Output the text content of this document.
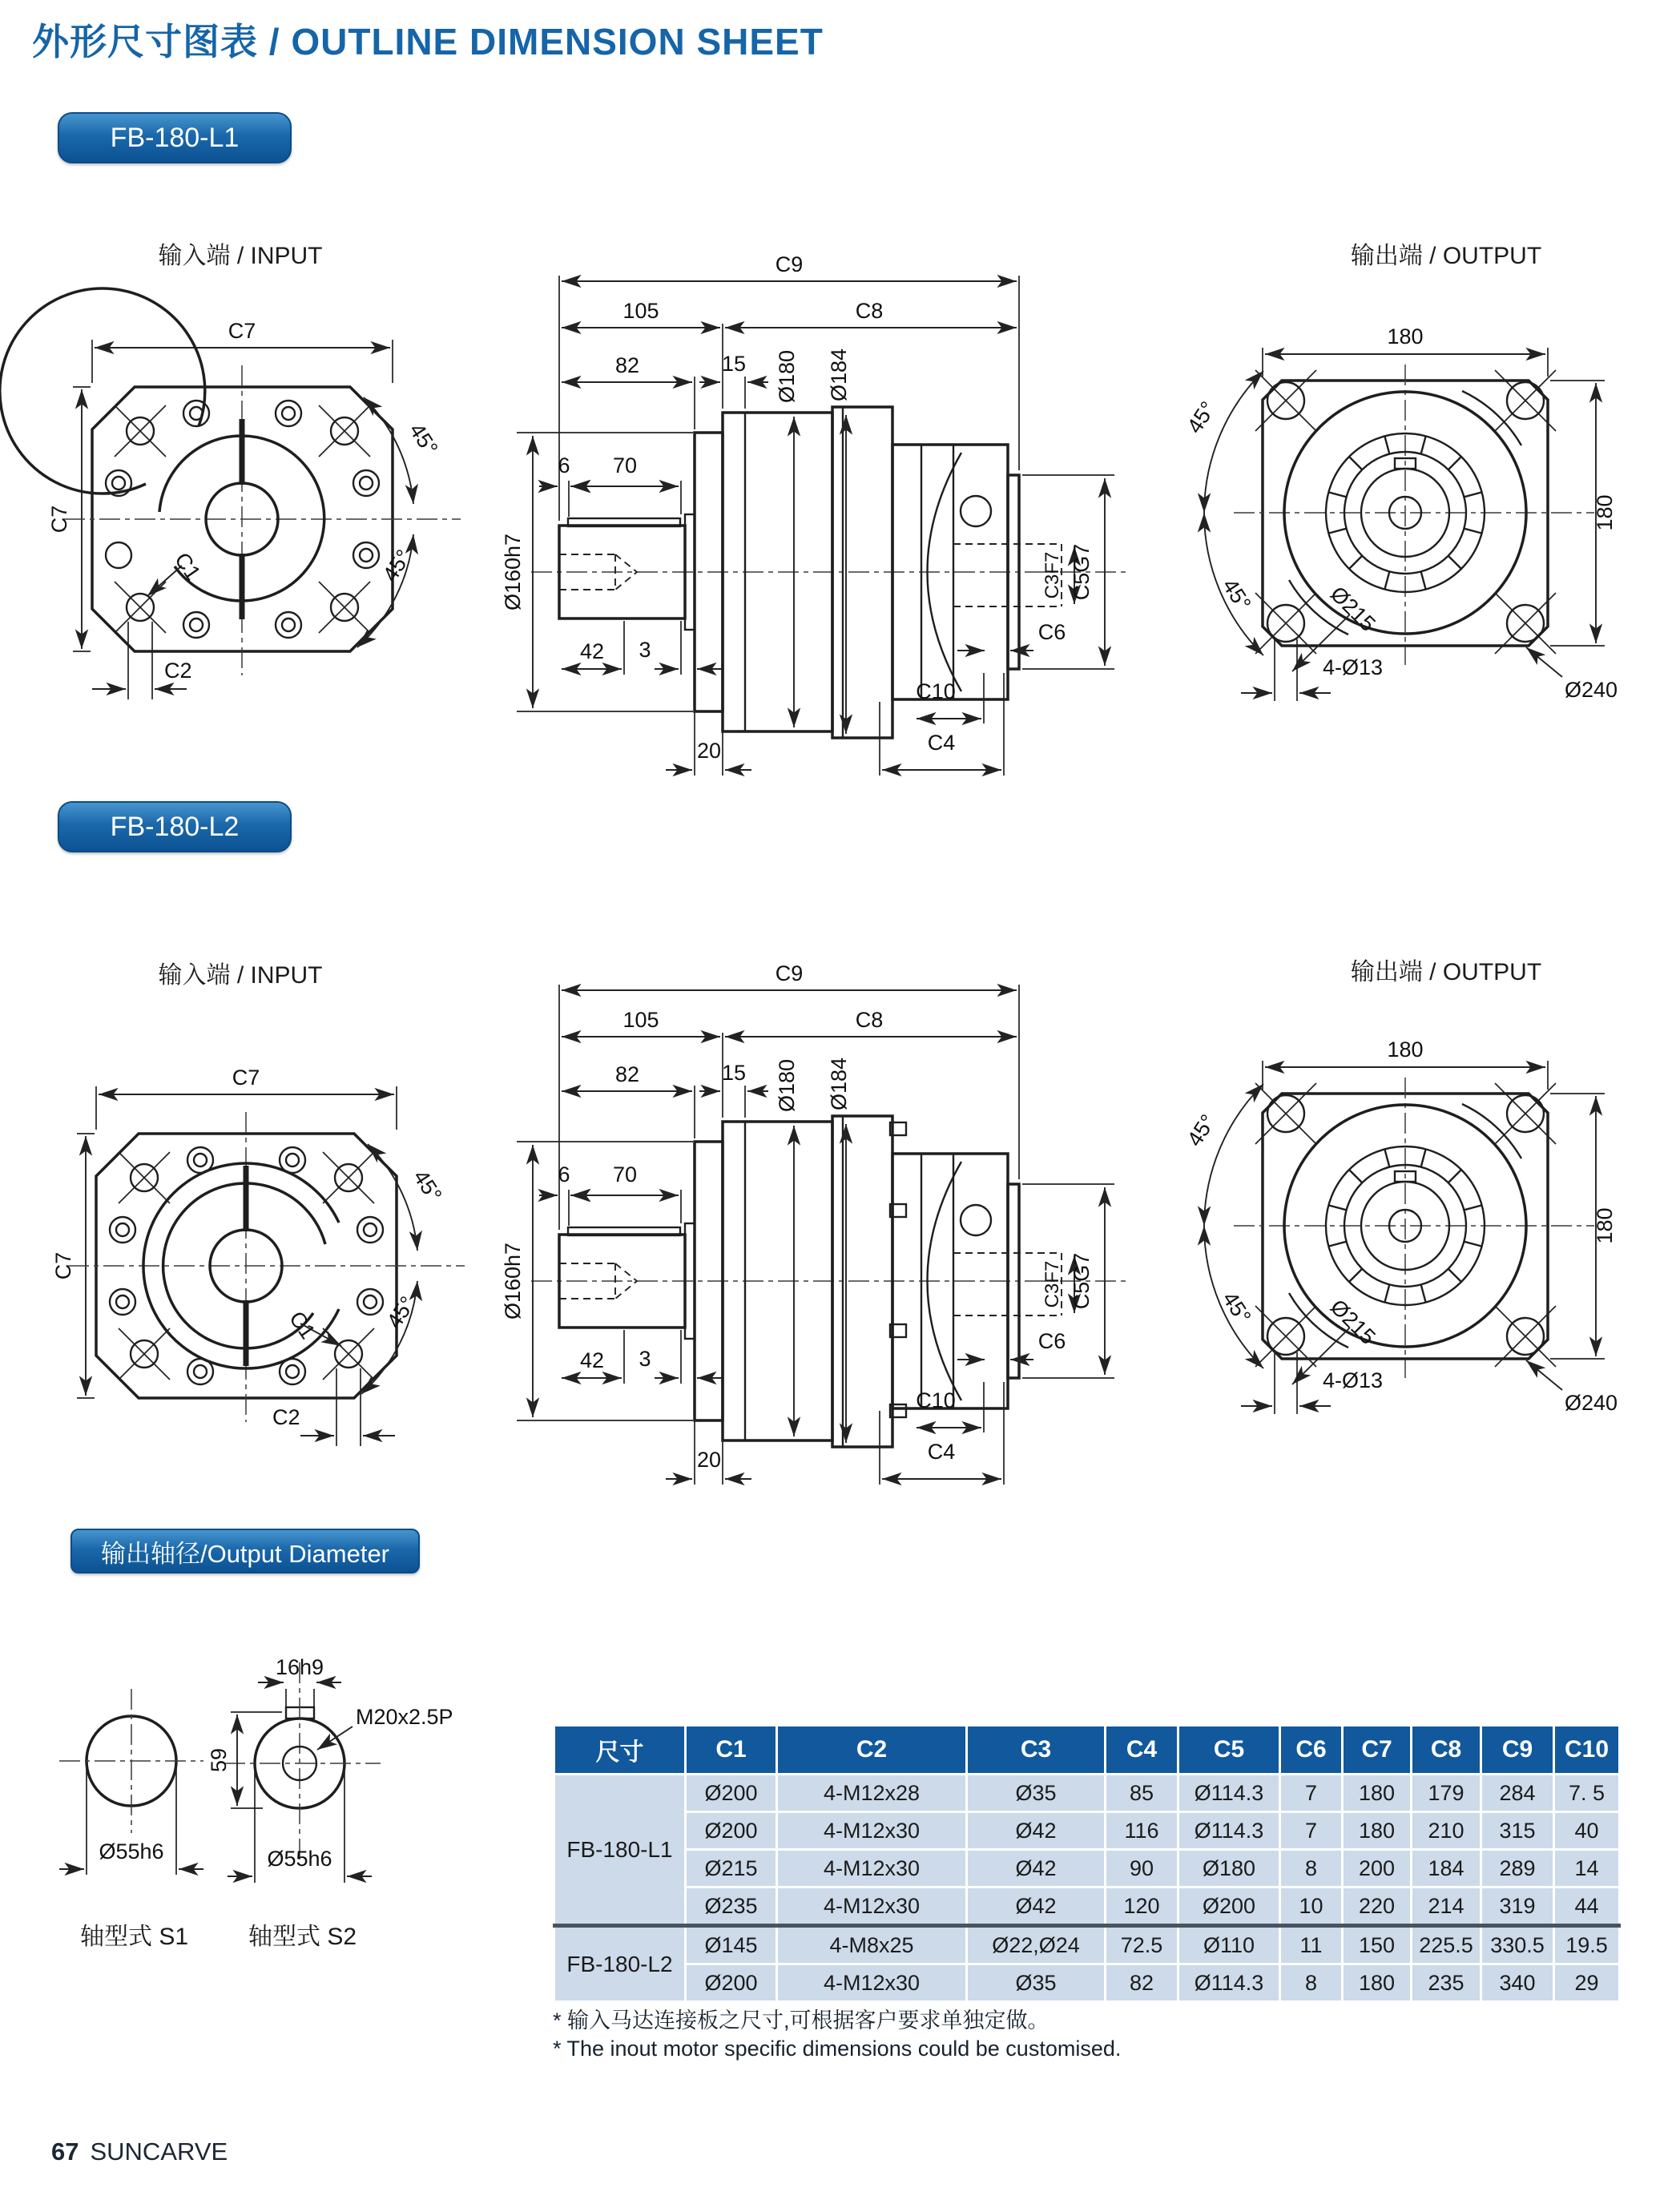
外形尺寸图表 / OUTLINE DIMENSION SHEET
FB-180-L1
输入端 / INPUT	输出端 / OUTPUT
C7
C7
C1
C2
45°
45°
C9
105	C8
82	15 Ø180 Ø184
6 70
Ø160h7
42 3
20
C10
C4
C6
C3F7 C5G7
180
Ø215
45°
45°
180
4-Ø13
Ø240
FB-180-L2
输入端 / INPUT	输出端 / OUTPUT
C7
C7
C1
C2
45°
45°
C9
105	C8
82	15 Ø180 Ø184
6 70
Ø160h7
42 3
20
C10
C4
C6
C3F7 C5G7
180
Ø215
45°
45°
180
4-Ø13
Ø240
输出轴径/Output Diameter
Ø55h6
16h9
M20x2.5P
59
Ø55h6
轴型式 S1 轴型式 S2
尺寸	C1	C2	C3	C4	C5	C6	C7	C8	C9	C10
FB-180-L1	Ø200	4-M12x28	Ø35	85	Ø114.3	7	180	179	284	7. 5
	Ø200	4-M12x30	Ø42	116	Ø114.3	7	180	210	315	40
	Ø215	4-M12x30	Ø42	90	Ø180	8	200	184	289	14
	Ø235	4-M12x30	Ø42	120	Ø200	10	220	214	319	44
FB-180-L2	Ø145	4-M8x25	Ø22,Ø24	72.5	Ø110	11	150	225.5	330.5	19.5
	Ø200	4-M12x30	Ø35	82	Ø114.3	8	180	235	340	29
* 输入马达连接板之尺寸,可根据客户要求单独定做。
* The inout motor specific dimensions could be customised.
67 SUNCARVE
